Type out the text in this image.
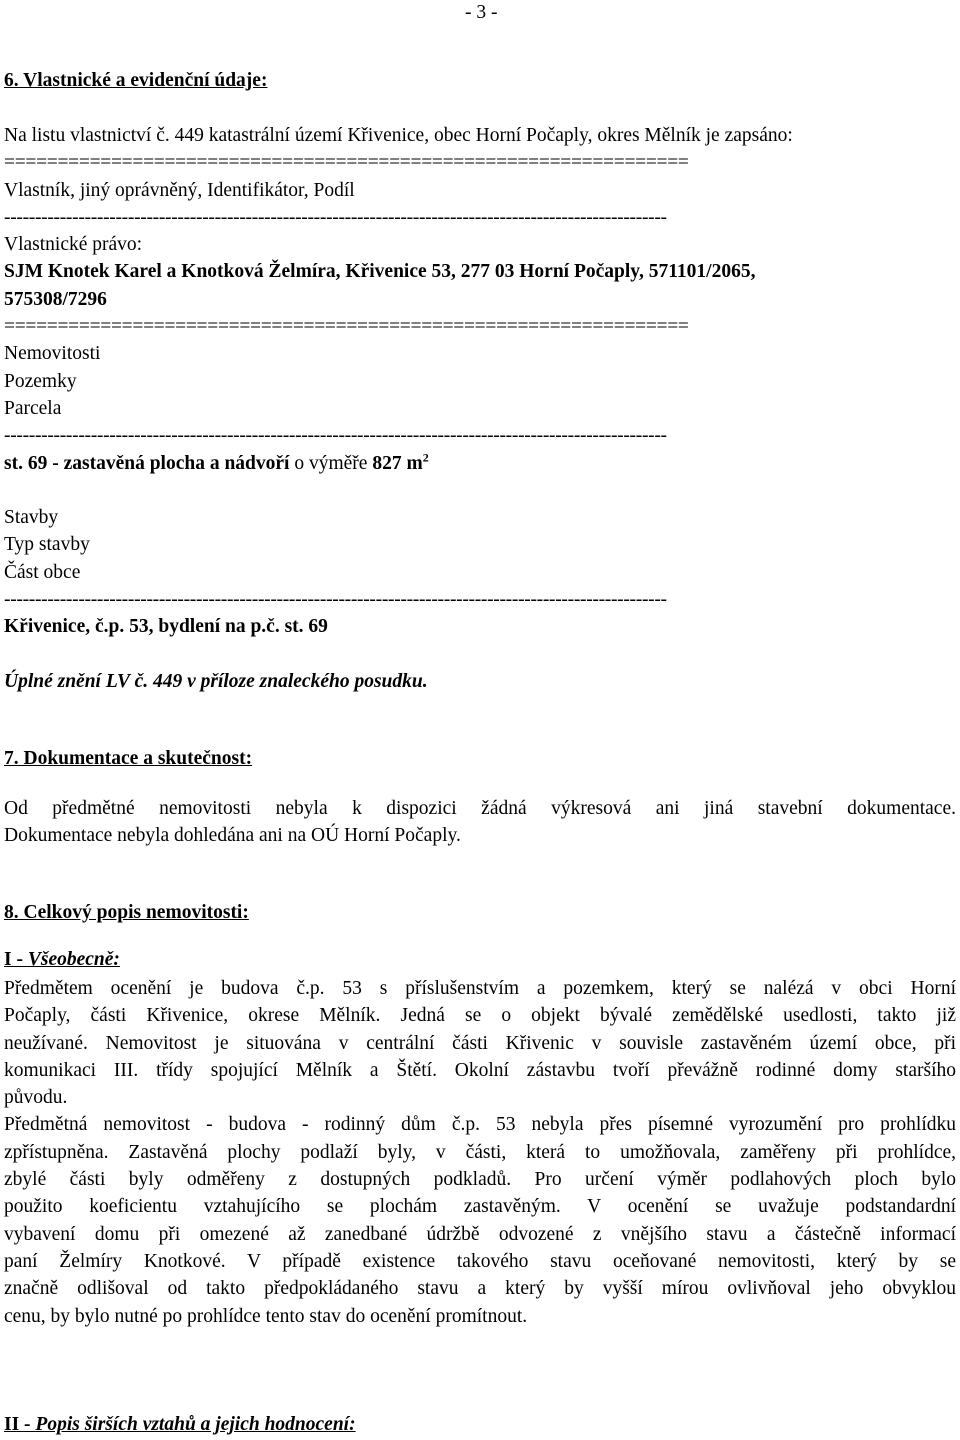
- 3 -
6. Vlastnické a evidenční údaje:
Na listu vlastnictví č. 449 katastrální území Křivenice, obec Horní Počaply, okres Mělník je zapsáno:
================================================================
Vlastník, jiný oprávněný, Identifikátor, Podíl
-----------------------------------------------------------------------------------------------------------
Vlastnické právo:
SJM Knotek Karel a Knotková Želmíra, Křivenice 53, 277 03 Horní Počaply, 571101/2065,
575308/7296
================================================================
Nemovitosti
Pozemky
Parcela
-----------------------------------------------------------------------------------------------------------
st. 69 - zastavěná plocha a nádvoří o výměře 827 $m^2$
Stavby
Typ stavby
Část obce
-----------------------------------------------------------------------------------------------------------
Křivenice, č.p. 53, bydlení na p.č. st. 69
Úplné znění LV č. 449 v příloze znaleckého posudku.
7. Dokumentace a skutečnost:
Od předmětné nemovitosti nebyla k dispozici žádná výkresová ani jiná stavební dokumentace.
Dokumentace nebyla dohledána ani na OÚ Horní Počaply.
8. Celkový popis nemovitosti:
I - Všeobecně:
Předmětem ocenění je budova č.p. 53 s příslušenstvím a pozemkem, který se nalézá v obci Horní
Počaply, části Křivenice, okrese Mělník. Jedná se o objekt bývalé zemědělské usedlosti, takto již
neužívané. Nemovitost je situována v centrální části Křivenic v souvisle zastavěném území obce, při
komunikaci III. třídy spojující Mělník a Štětí. Okolní zástavbu tvoří převážně rodinné domy staršího
původu.
Předmětná nemovitost - budova - rodinný dům č.p. 53 nebyla přes písemné vyrozumění pro prohlídku
zpřístupněna. Zastavěná plochy podlaží byly, v části, která to umožňovala, zaměřeny při prohlídce,
zbylé části byly odměřeny z dostupných podkladů. Pro určení výměr podlahových ploch bylo
použito koeficientu vztahujícího se plochám zastavěným. V ocenění se uvažuje podstandardní
vybavení domu při omezené až zanedbané údržbě odvozené z vnějšího stavu a částečně informací
paní Želmíry Knotkové. V případě existence takového stavu oceňované nemovitosti, který by se
značně odlišoval od takto předpokládaného stavu a který by vyšší mírou ovlivňoval jeho obvyklou
cenu, by bylo nutné po prohlídce tento stav do ocenění promítnout.
II - Popis širších vztahů a jejich hodnocení:
